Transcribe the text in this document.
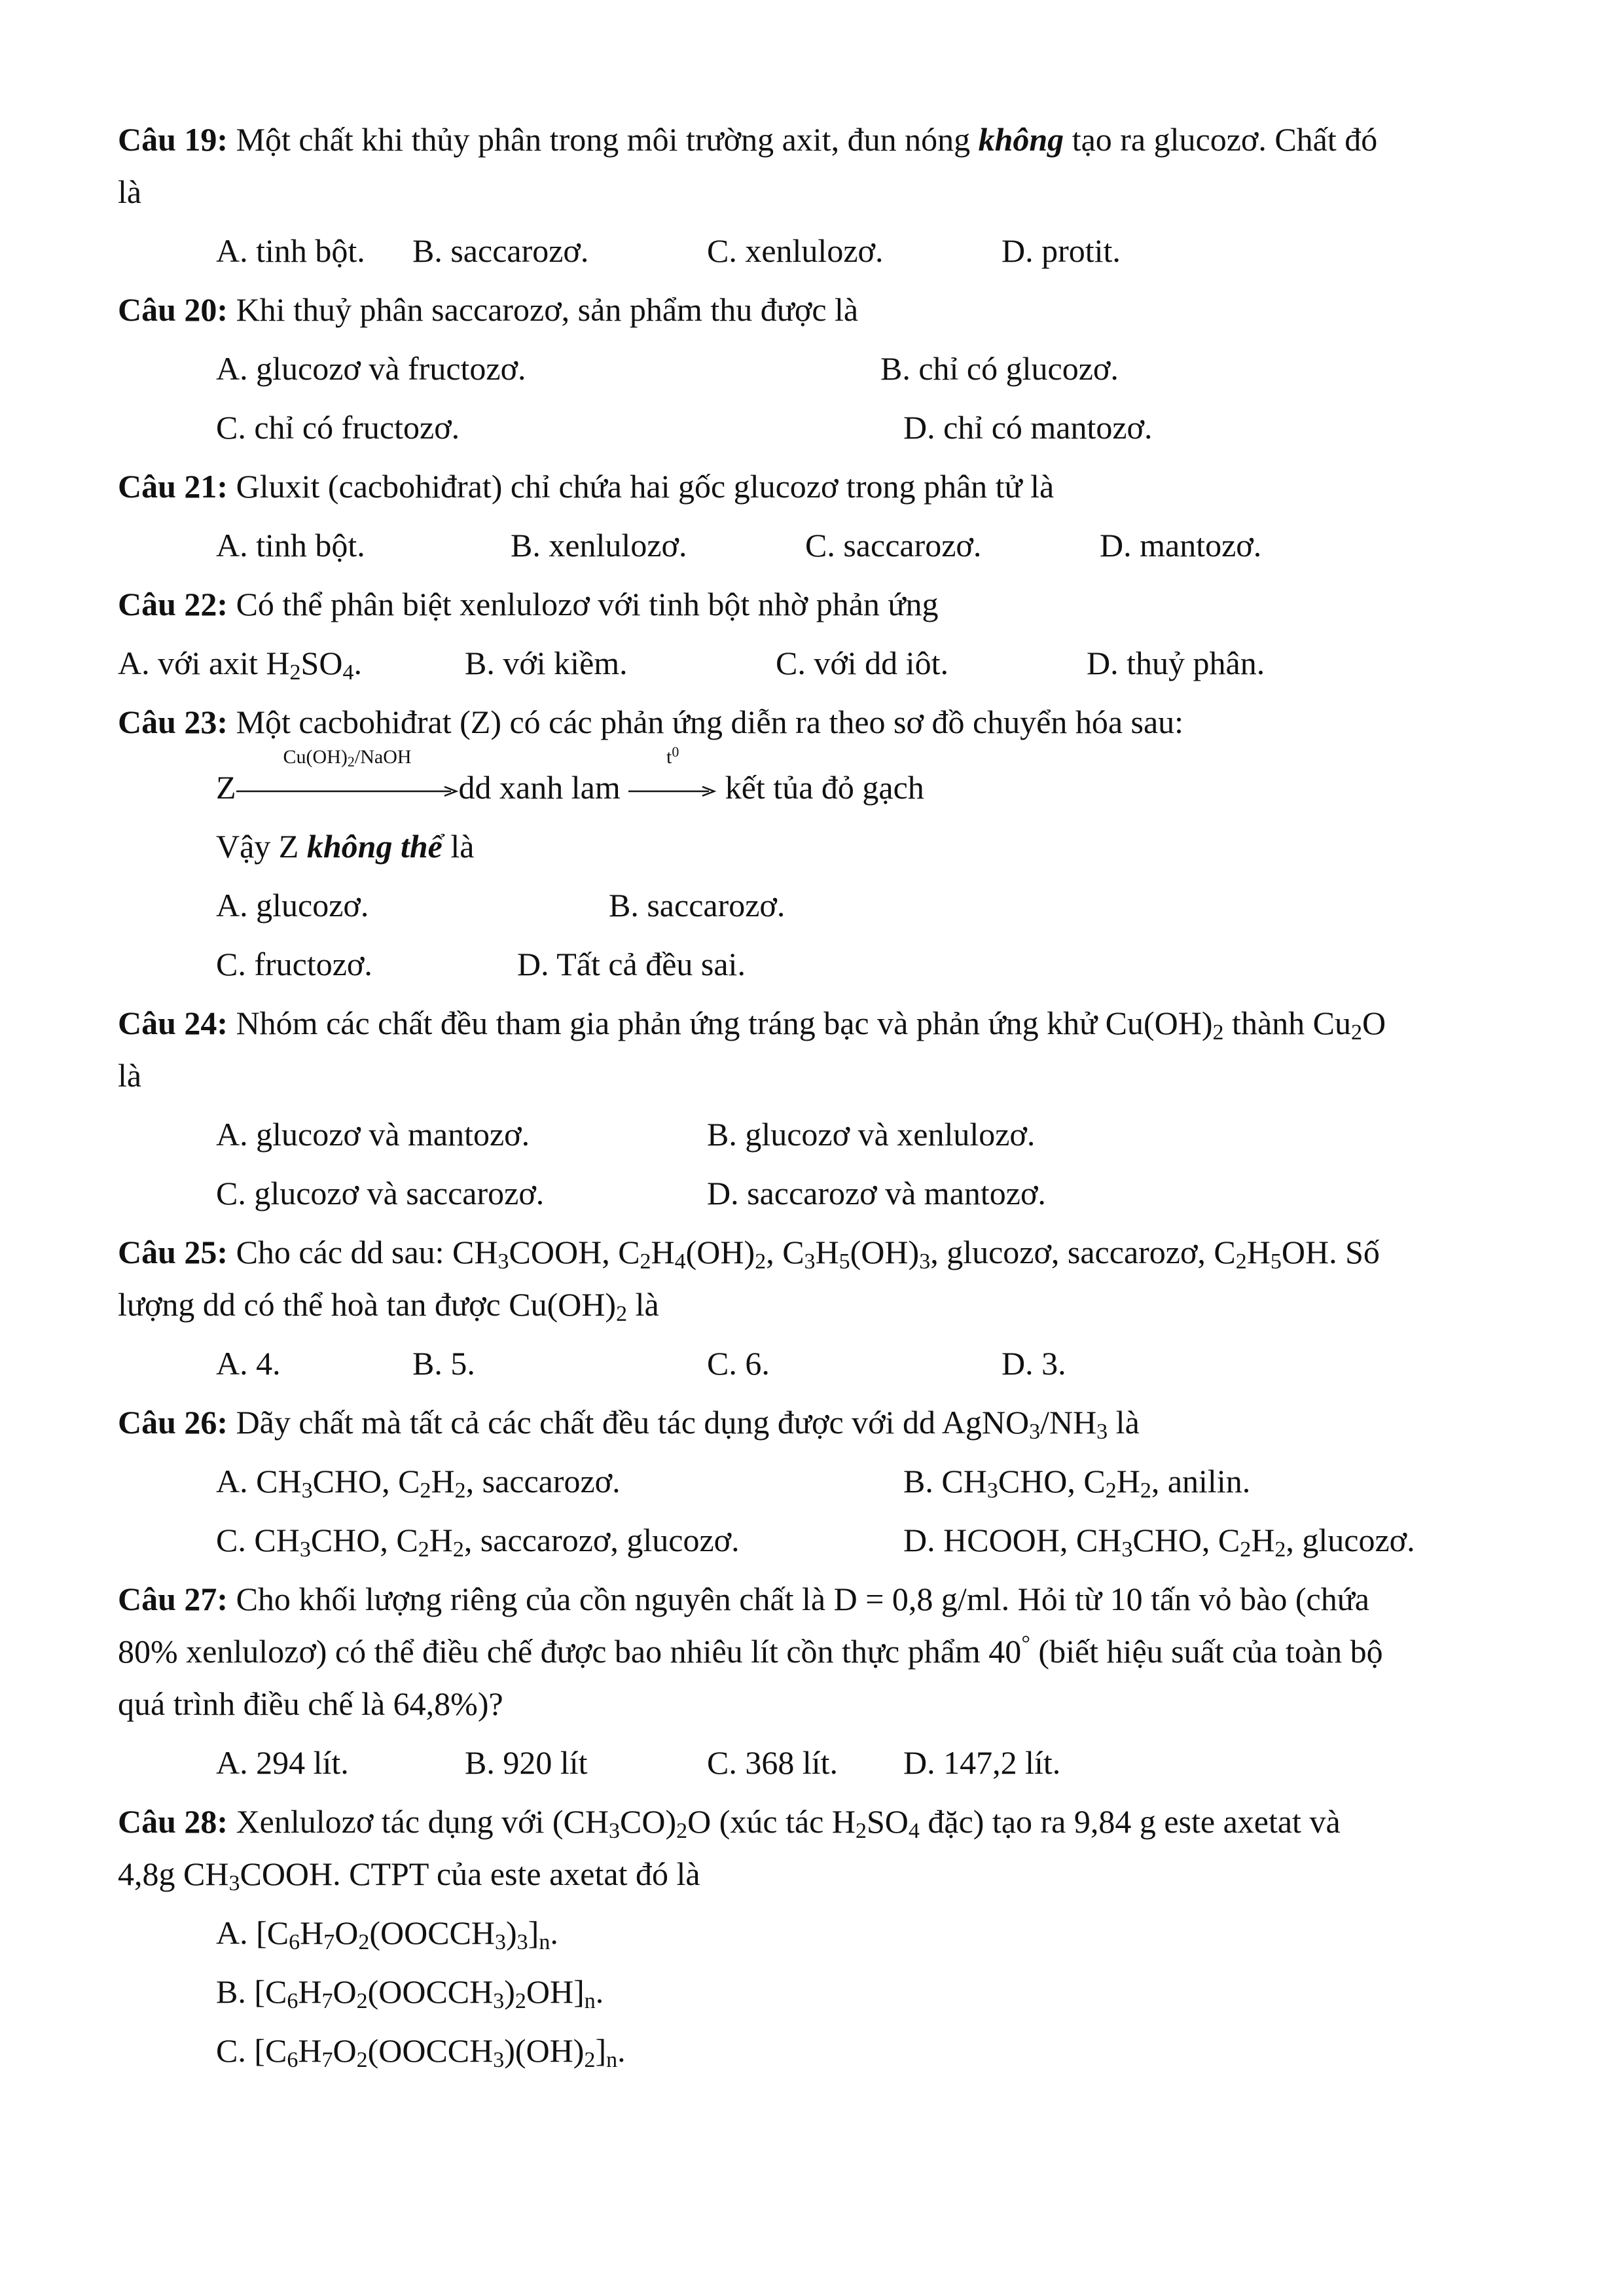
Câu 19: Một chất khi thủy phân trong môi trường axit, đun nóng không tạo ra glucozơ. Chất đó
là
A. tinh bột. B. saccarozơ.	C. xenlulozơ.	D. protit.
Câu 20: Khi thuỷ phân saccarozơ, sản phẩm thu được là
A. glucozơ và fructozơ.	B. chỉ có glucozơ.
C. chỉ có fructozơ.	D. chỉ có mantozơ.
Câu 21: Gluxit (cacbohiđrat) chỉ chứa hai gốc glucozơ trong phân tử là
A. tinh bột.	B. xenlulozơ.	C. saccarozơ.	D. mantozơ.
Câu 22: Có thể phân biệt xenlulozơ với tinh bột nhờ phản ứng
A. với axit $H_2SO_4$.	B. với kiềm.	C. với dd iôt.	D. thuỷ phân.
Câu 23: Một cacbohiđrat (Z) có các phản ứng diễn ra theo sơ đồ chuyển hóa sau:
Z
$Cu(OH)_2$/NaOH
dd xanh lam
$t^0$
kết tủa đỏ gạch
Vậy Z không thể là
A. glucozơ.	B. saccarozơ.
C. fructozơ.	D. Tất cả đều sai.
Câu 24: Nhóm các chất đều tham gia phản ứng tráng bạc và phản ứng khử $Cu(OH)_2$ thành $Cu_2O$
là
A. glucozơ và mantozơ.	B. glucozơ và xenlulozơ.
C. glucozơ và saccarozơ.	D. saccarozơ và mantozơ.
Câu 25: Cho các dd sau: $CH_3COOH$, $C_2H_4(OH)_2$, $C_3H_5(OH)_3$, glucozơ, saccarozơ, $C_2H_5OH$. Số
lượng dd có thể hoà tan được $Cu(OH)_2$ là
A. 4.	B. 5.	C. 6.	D. 3.
Câu 26: Dãy chất mà tất cả các chất đều tác dụng được với dd $AgNO_3/NH_3$ là
A. $CH_3CHO$, $C_2H_2$, saccarozơ.	B. $CH_3CHO$, $C_2H_2$, anilin.
C. $CH_3CHO$, $C_2H_2$, saccarozơ, glucozơ.	D. HCOOH, $CH_3CHO$, $C_2H_2$, glucozơ.
Câu 27: Cho khối lượng riêng của cồn nguyên chất là D = 0,8 g/ml. Hỏi từ 10 tấn vỏ bào (chứa
80% xenlulozơ) có thể điều chế được bao nhiêu lít cồn thực phẩm 40° (biết hiệu suất của toàn bộ
quá trình điều chế là 64,8%)?
A. 294 lít.	B. 920 lít	C. 368 lít. D. 147,2 lít.
Câu 28: Xenlulozơ tác dụng với $(CH_3CO)_2O$ (xúc tác $H_2SO_4$ đặc) tạo ra 9,84 g este axetat và
4,8g $CH_3COOH$. CTPT của este axetat đó là
A. $[C_6H_7O_2(OOCCH_3)_3]_n$.
B. $[C_6H_7O_2(OOCCH_3)_2OH]_n$.
C. $[C_6H_7O_2(OOCCH_3)(OH)_2]_n$.
